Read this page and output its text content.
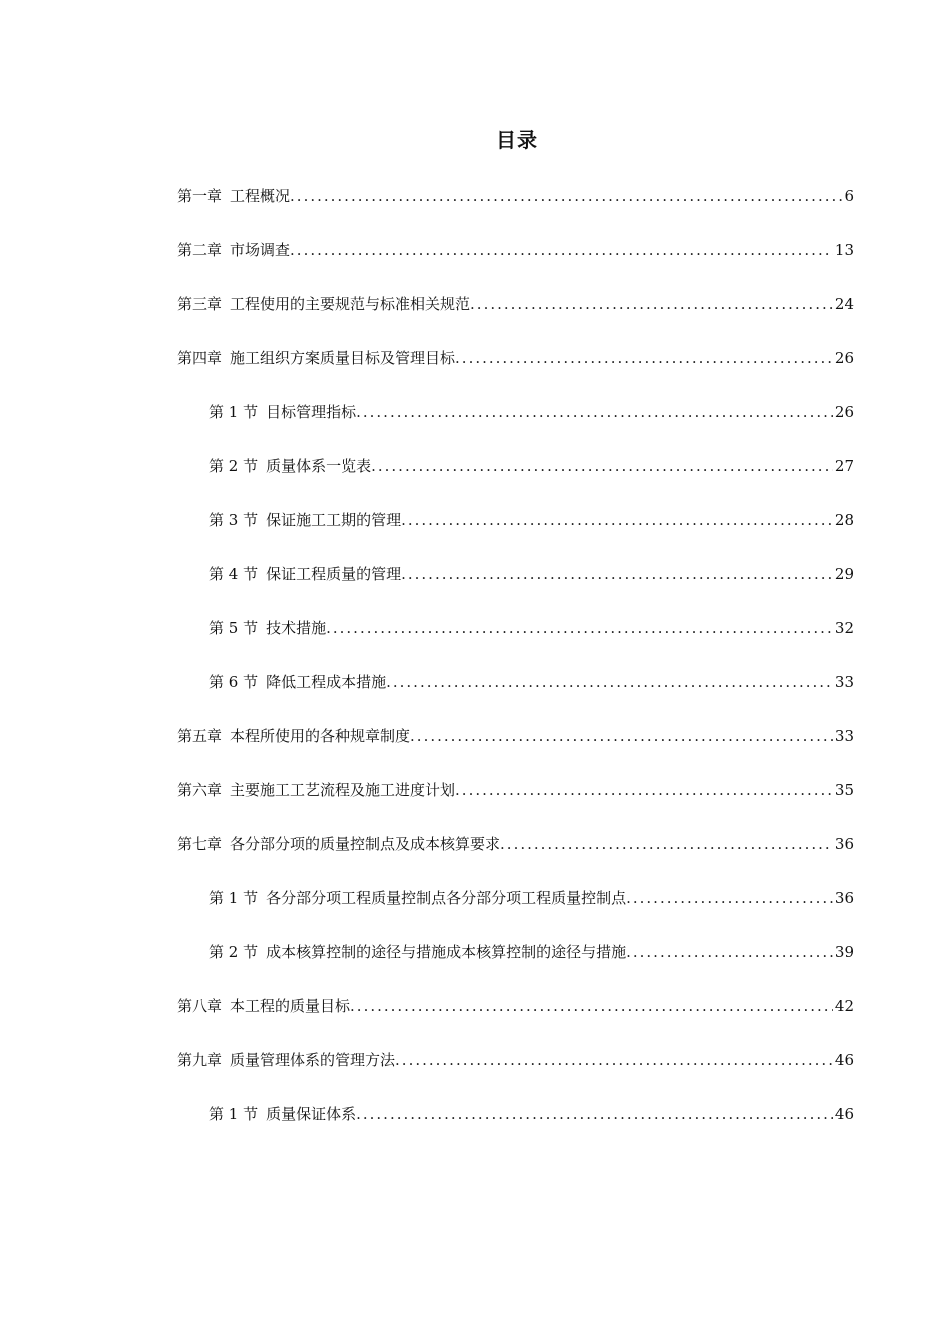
目录
第一章 工程概况 .....	6
第二章 市场调查 .....	13
第三章 工程使用的主要规范与标准相关规范 .....	24
第四章 施工组织方案质量目标及管理目标 .....	26
第 1 节 目标管理指标 .....	26
第 2 节 质量体系一览表 .....	27
第 3 节 保证施工工期的管理 .....	28
第 4 节 保证工程质量的管理 .....	29
第 5 节 技术措施 .....	32
第 6 节 降低工程成本措施 .....	33
第五章 本程所使用的各种规章制度 .....	33
第六章 主要施工工艺流程及施工进度计划 .....	35
第七章 各分部分项的质量控制点及成本核算要求 .....	36
第 1 节 各分部分项工程质量控制点各分部分项工程质量控制点 .....	36
第 2 节 成本核算控制的途径与措施成本核算控制的途径与措施 .....	39
第八章 本工程的质量目标 .....	42
第九章 质量管理体系的管理方法 .....	46
第 1 节 质量保证体系 .....	46
